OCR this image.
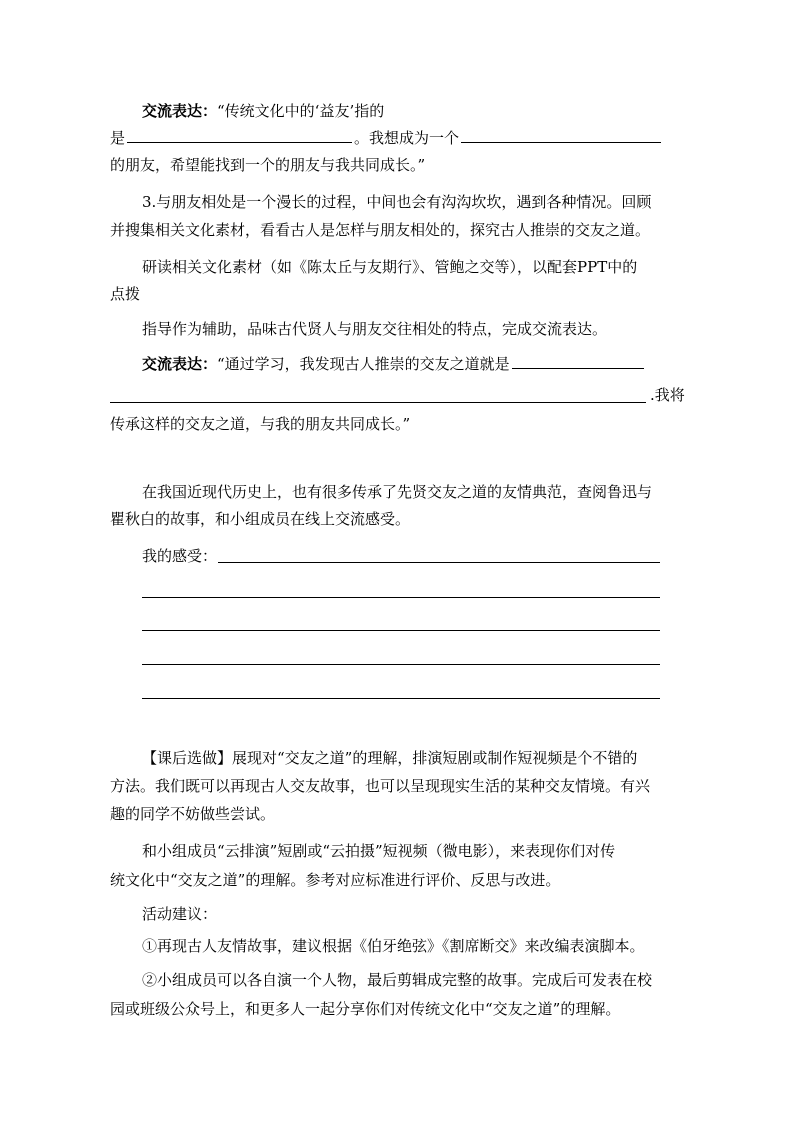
交流表达：“传统文化中的‘益友’指的
是	。我想成为一个
的朋友，希望能找到一个的朋友与我共同成长。”
3.与朋友相处是一个漫长的过程，中间也会有沟沟坎坎，遇到各种情况。回顾
并搜集相关文化素材，看看古人是怎样与朋友相处的，探究古人推崇的交友之道。
研读相关文化素材（如《陈太丘与友期行》、管鲍之交等），以配套PPT中的
点拨
指导作为辅助，品味古代贤人与朋友交往相处的特点，完成交流表达。
交流表达：“通过学习，我发现古人推崇的交友之道就是
.我将
传承这样的交友之道，与我的朋友共同成长。”
在我国近现代历史上，也有很多传承了先贤交友之道的友情典范，查阅鲁迅与
瞿秋白的故事，和小组成员在线上交流感受。
我的感受：
【课后选做】展现对“交友之道”的理解，排演短剧或制作短视频是个不错的
方法。我们既可以再现古人交友故事，也可以呈现现实生活的某种交友情境。有兴
趣的同学不妨做些尝试。
和小组成员“云排演”短剧或“云拍摄”短视频（微电影），来表现你们对传
统文化中“交友之道”的理解。参考对应标准进行评价、反思与改进。
活动建议：
①再现古人友情故事，建议根据《伯牙绝弦》《割席断交》来改编表演脚本。
②小组成员可以各自演一个人物，最后剪辑成完整的故事。完成后可发表在校
园或班级公众号上，和更多人一起分享你们对传统文化中“交友之道”的理解。
